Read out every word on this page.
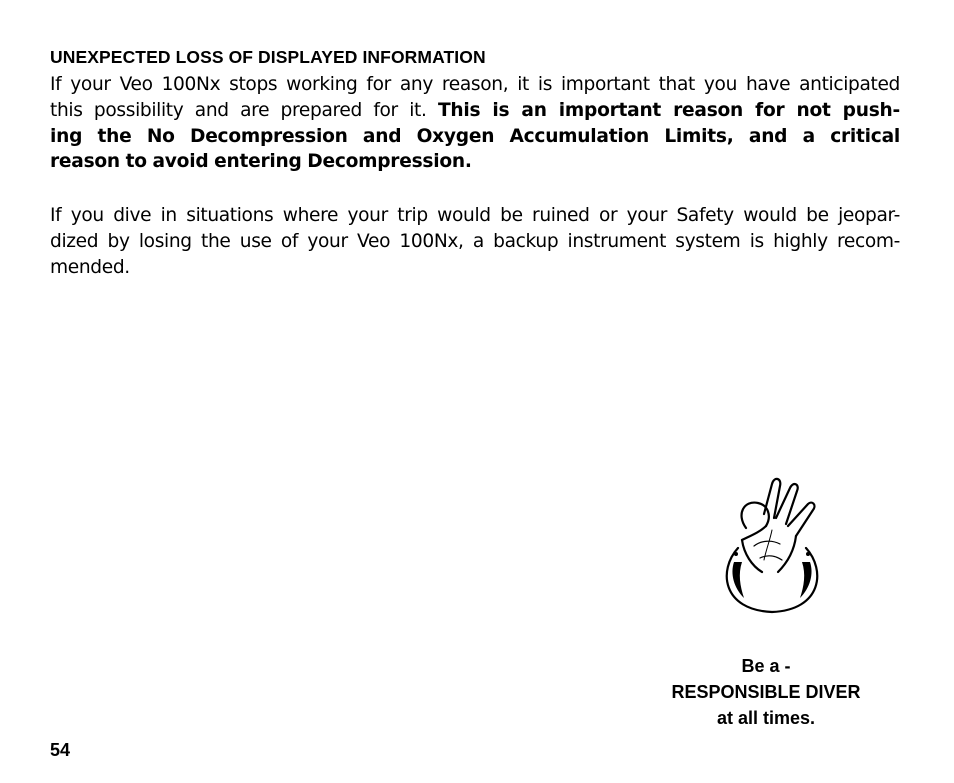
UNEXPECTED LOSS OF DISPLAYED INFORMATION

If your Veo 100Nx stops working for any reason, it is important that you have anticipated
this possibility and are prepared for it. This is an important reason for not push-
ing the No Decompression and Oxygen Accumulation Limits, and a critical
reason to avoid entering Decompression.

If you dive in situations where your trip would be ruined or your Safety would be jeopar-
dized by losing the use of your Veo 100Nx, a backup instrument system is highly recom-
mended.

Be a -
RESPONSIBLE DIVER
at all times.
54
